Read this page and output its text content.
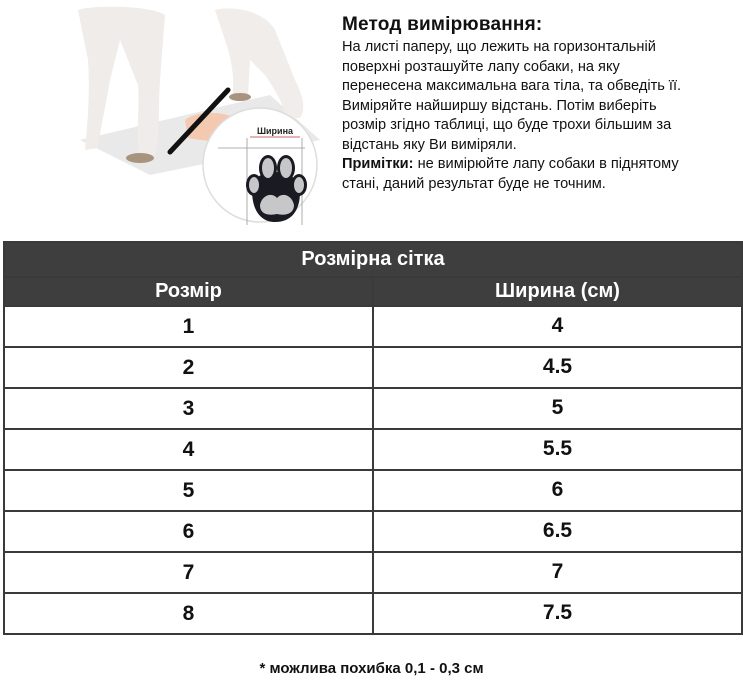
Ширина
Метод вимірювання:

На листі паперу, що лежить на горизонтальній
поверхні розташуйте лапу собаки, на яку
перенесена максимальна вага тіла, та обведіть її.
Виміряйте найширшу відстань. Потім виберіть
розмір згідно таблиці, що буде трохи більшим за
відстань яку Ви виміряли.
Примітки: не вимірюйте лапу собаки в піднятому
стані, даний результат буде не точним.

Розмірна сітка	
Розмір	Ширина (см)
1	4
2	4.5
3	5
4	5.5
5	6
6	6.5
7	7
8	7.5
* можлива похибка 0,1 - 0,3 см
